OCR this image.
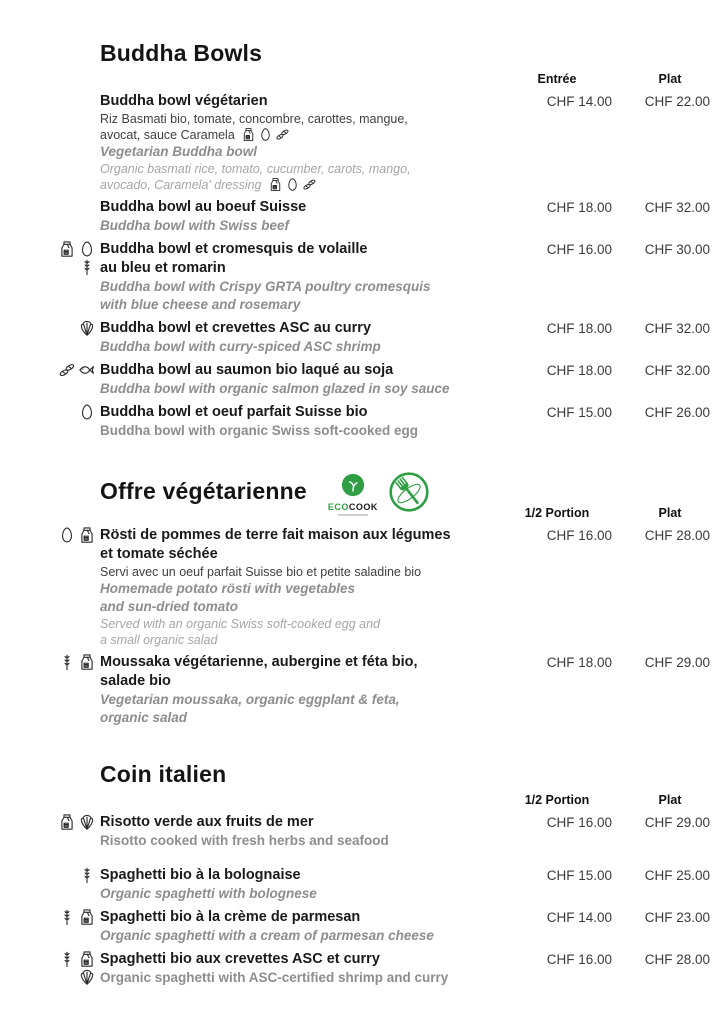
Buddha Bowls
Entrée	Plat
Buddha bowl végétarien
Riz Basmati bio, tomate, concombre, carottes, mangue,
avocat, sauce Caramela
Vegetarian Buddha bowl
Organic basmati rice, tomato, cucumber, carots, mango,
avocado, Caramela' dressing
CHF 14.00 CHF 22.00
Buddha bowl au boeuf Suisse
Buddha bowl with Swiss beef
CHF 18.00 CHF 32.00
Buddha bowl et cromesquis de volaille
au bleu et romarin
Buddha bowl with Crispy GRTA poultry cromesquis
with blue cheese and rosemary
CHF 16.00 CHF 30.00
Buddha bowl et crevettes ASC au curry
Buddha bowl with curry-spiced ASC shrimp
CHF 18.00 CHF 32.00
Buddha bowl au saumon bio laqué au soja
Buddha bowl with organic salmon glazed in soy sauce
CHF 18.00 CHF 32.00
Buddha bowl et oeuf parfait Suisse bio
Buddha bowl with organic Swiss soft-cooked egg
CHF 15.00 CHF 26.00
Offre végétarienne
ECOCOOK	1/2 Portion	Plat
Rösti de pommes de terre fait maison aux légumes
et tomate séchée
Servi avec un oeuf parfait Suisse bio et petite saladine bio
Homemade potato rösti with vegetables
and sun-dried tomato
Served with an organic Swiss soft-cooked egg and
a small organic salad
CHF 16.00 CHF 28.00
Moussaka végétarienne, aubergine et féta bio,
salade bio
Vegetarian moussaka, organic eggplant & feta,
organic salad
CHF 18.00 CHF 29.00
Coin italien
1/2 Portion	Plat
Risotto verde aux fruits de mer
Risotto cooked with fresh herbs and seafood
CHF 16.00 CHF 29.00
Spaghetti bio à la bolognaise
Organic spaghetti with bolognese
CHF 15.00 CHF 25.00
Spaghetti bio à la crème de parmesan
Organic spaghetti with a cream of parmesan cheese
CHF 14.00 CHF 23.00
Spaghetti bio aux crevettes ASC et curry
Organic spaghetti with ASC-certified shrimp and curry
CHF 16.00 CHF 28.00
